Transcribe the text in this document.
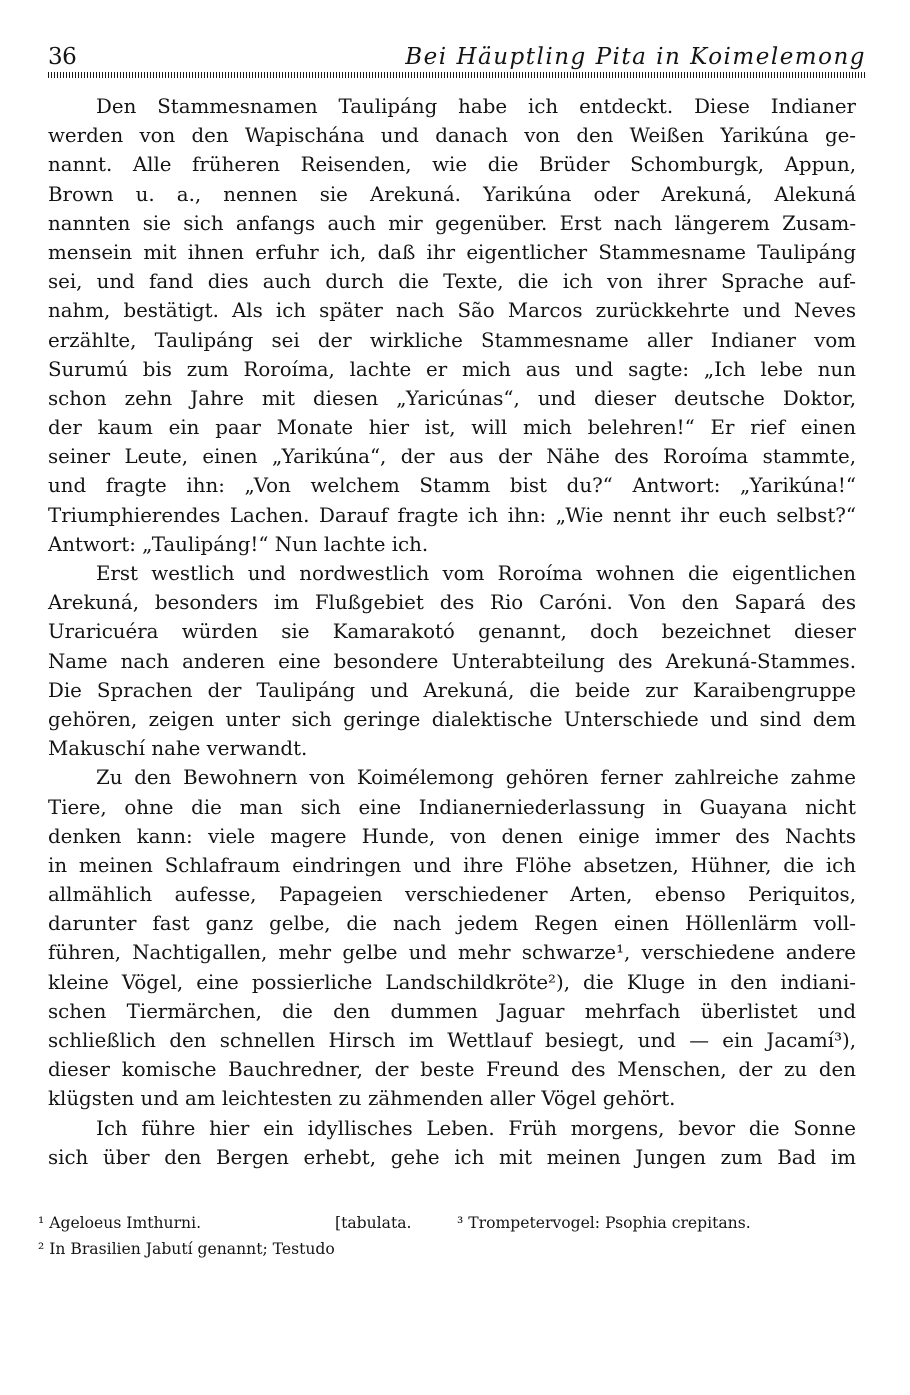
36	Bei Häuptling Pita in Koimelemong
Den Stammesnamen Taulipáng habe ich entdeckt. Diese Indianer
werden von den Wapischána und danach von den Weißen Yarikúna ge-
nannt. Alle früheren Reisenden, wie die Brüder Schomburgk, Appun,
Brown u. a., nennen sie Arekuná. Yarikúna oder Arekuná, Alekuná
nannten sie sich anfangs auch mir gegenüber. Erst nach längerem Zusam-
mensein mit ihnen erfuhr ich, daß ihr eigentlicher Stammesname Taulipáng
sei, und fand dies auch durch die Texte, die ich von ihrer Sprache auf-
nahm, bestätigt. Als ich später nach São Marcos zurückkehrte und Neves
erzählte, Taulipáng sei der wirkliche Stammesname aller Indianer vom
Surumú bis zum Roroíma, lachte er mich aus und sagte: „Ich lebe nun
schon zehn Jahre mit diesen „Yaricúnas“, und dieser deutsche Doktor,
der kaum ein paar Monate hier ist, will mich belehren!“ Er rief einen
seiner Leute, einen „Yarikúna“, der aus der Nähe des Roroíma stammte,
und fragte ihn: „Von welchem Stamm bist du?“ Antwort: „Yarikúna!“
Triumphierendes Lachen. Darauf fragte ich ihn: „Wie nennt ihr euch selbst?“
Antwort: „Taulipáng!“ Nun lachte ich.
Erst westlich und nordwestlich vom Roroíma wohnen die eigentlichen
Arekuná, besonders im Flußgebiet des Rio Caróni. Von den Sapará des
Uraricuéra würden sie Kamarakotó genannt, doch bezeichnet dieser
Name nach anderen eine besondere Unterabteilung des Arekuná-Stammes.
Die Sprachen der Taulipáng und Arekuná, die beide zur Karaibengruppe
gehören, zeigen unter sich geringe dialektische Unterschiede und sind dem
Makuschí nahe verwandt.
Zu den Bewohnern von Koimélemong gehören ferner zahlreiche zahme
Tiere, ohne die man sich eine Indianerniederlassung in Guayana nicht
denken kann: viele magere Hunde, von denen einige immer des Nachts
in meinen Schlafraum eindringen und ihre Flöhe absetzen, Hühner, die ich
allmählich aufesse, Papageien verschiedener Arten, ebenso Periquitos,
darunter fast ganz gelbe, die nach jedem Regen einen Höllenlärm voll-
führen, Nachtigallen, mehr gelbe und mehr schwarze¹, verschiedene andere
kleine Vögel, eine possierliche Landschildkröte²), die Kluge in den indiani-
schen Tiermärchen, die den dummen Jaguar mehrfach überlistet und
schließlich den schnellen Hirsch im Wettlauf besiegt, und — ein Jacamí³),
dieser komische Bauchredner, der beste Freund des Menschen, der zu den
klügsten und am leichtesten zu zähmenden aller Vögel gehört.
Ich führe hier ein idyllisches Leben. Früh morgens, bevor die Sonne
sich über den Bergen erhebt, gehe ich mit meinen Jungen zum Bad im
¹ Ageloeus Imthurni.	[tabulata.	³ Trompetervogel: Psophia crepitans.
² In Brasilien Jabutí genannt; Testudo
